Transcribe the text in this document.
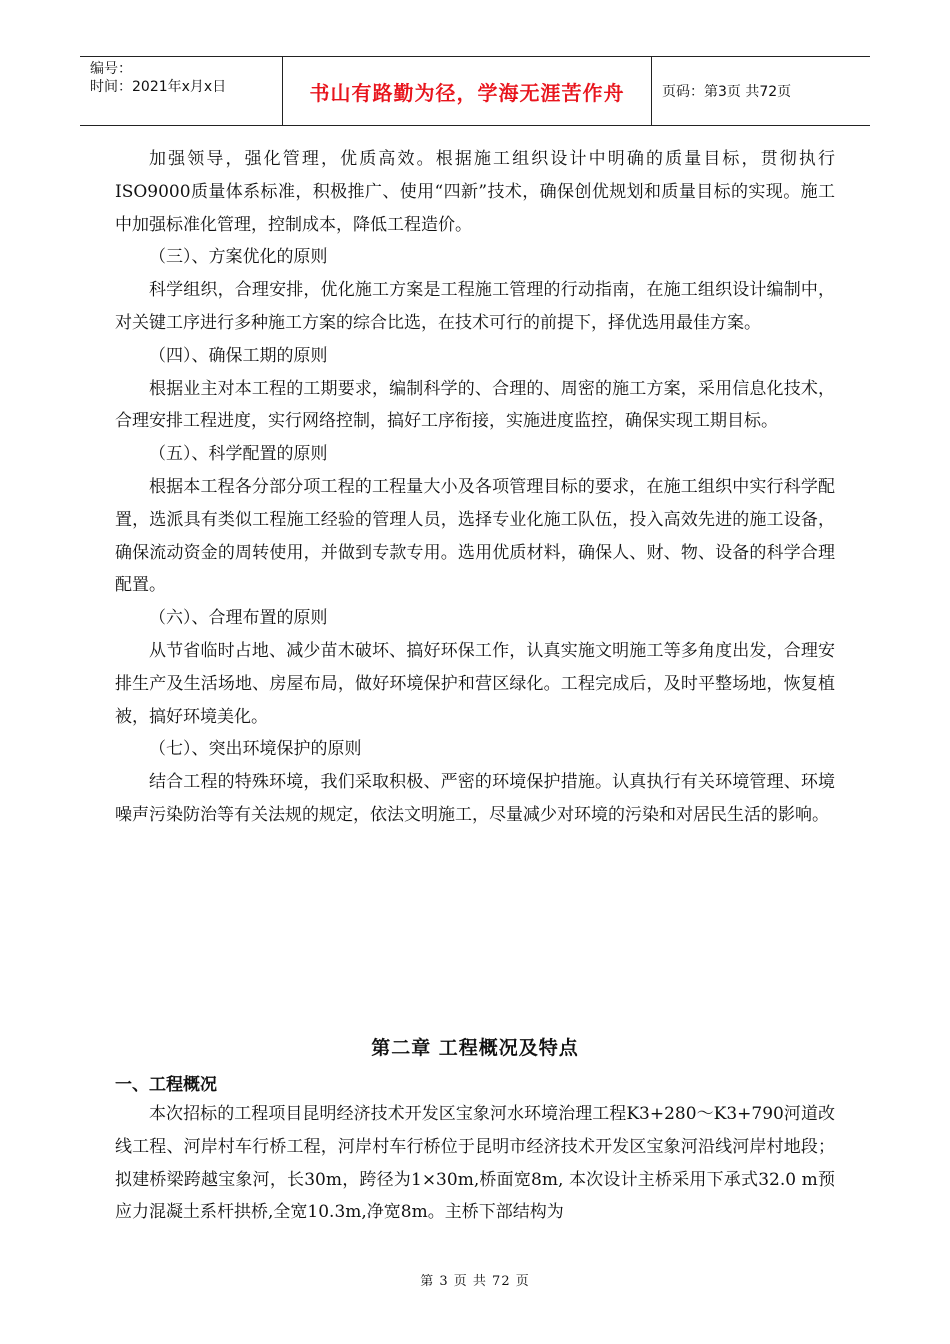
编号：
时间：2021年x月x日	书山有路勤为径，学海无涯苦作舟	页码：第3页 共72页

加强领导，强化管理，优质高效。根据施工组织设计中明确的质量目标，贯彻执行ISO9000质量体系标准，积极推广、使用“四新”技术，确保创优规划和质量目标的实现。施工中加强标准化管理，控制成本，降低工程造价。

（三）、方案优化的原则

科学组织，合理安排，优化施工方案是工程施工管理的行动指南，在施工组织设计编制中，对关键工序进行多种施工方案的综合比选，在技术可行的前提下，择优选用最佳方案。

（四）、确保工期的原则

根据业主对本工程的工期要求，编制科学的、合理的、周密的施工方案，采用信息化技术，合理安排工程进度，实行网络控制，搞好工序衔接，实施进度监控，确保实现工期目标。

（五）、科学配置的原则

根据本工程各分部分项工程的工程量大小及各项管理目标的要求，在施工组织中实行科学配置，选派具有类似工程施工经验的管理人员，选择专业化施工队伍，投入高效先进的施工设备，确保流动资金的周转使用，并做到专款专用。选用优质材料，确保人、财、物、设备的科学合理配置。

（六）、合理布置的原则

从节省临时占地、减少苗木破坏、搞好环保工作，认真实施文明施工等多角度出发，合理安排生产及生活场地、房屋布局，做好环境保护和营区绿化。工程完成后，及时平整场地，恢复植被，搞好环境美化。

（七）、突出环境保护的原则

结合工程的特殊环境，我们采取积极、严密的环境保护措施。认真执行有关环境管理、环境噪声污染防治等有关法规的规定，依法文明施工，尽量减少对环境的污染和对居民生活的影响。

第二章 工程概况及特点
一、工程概况

本次招标的工程项目昆明经济技术开发区宝象河水环境治理工程K3+280～K3+790河道改线工程、河岸村车行桥工程，河岸村车行桥位于昆明市经济技术开发区宝象河沿线河岸村地段；拟建桥梁跨越宝象河，长30m，跨径为1×30m,桥面宽8m, 本次设计主桥采用下承式32.0 m预应力混凝土系杆拱桥,全宽10.3m,净宽8m。主桥下部结构为

第 3 页 共 72 页
